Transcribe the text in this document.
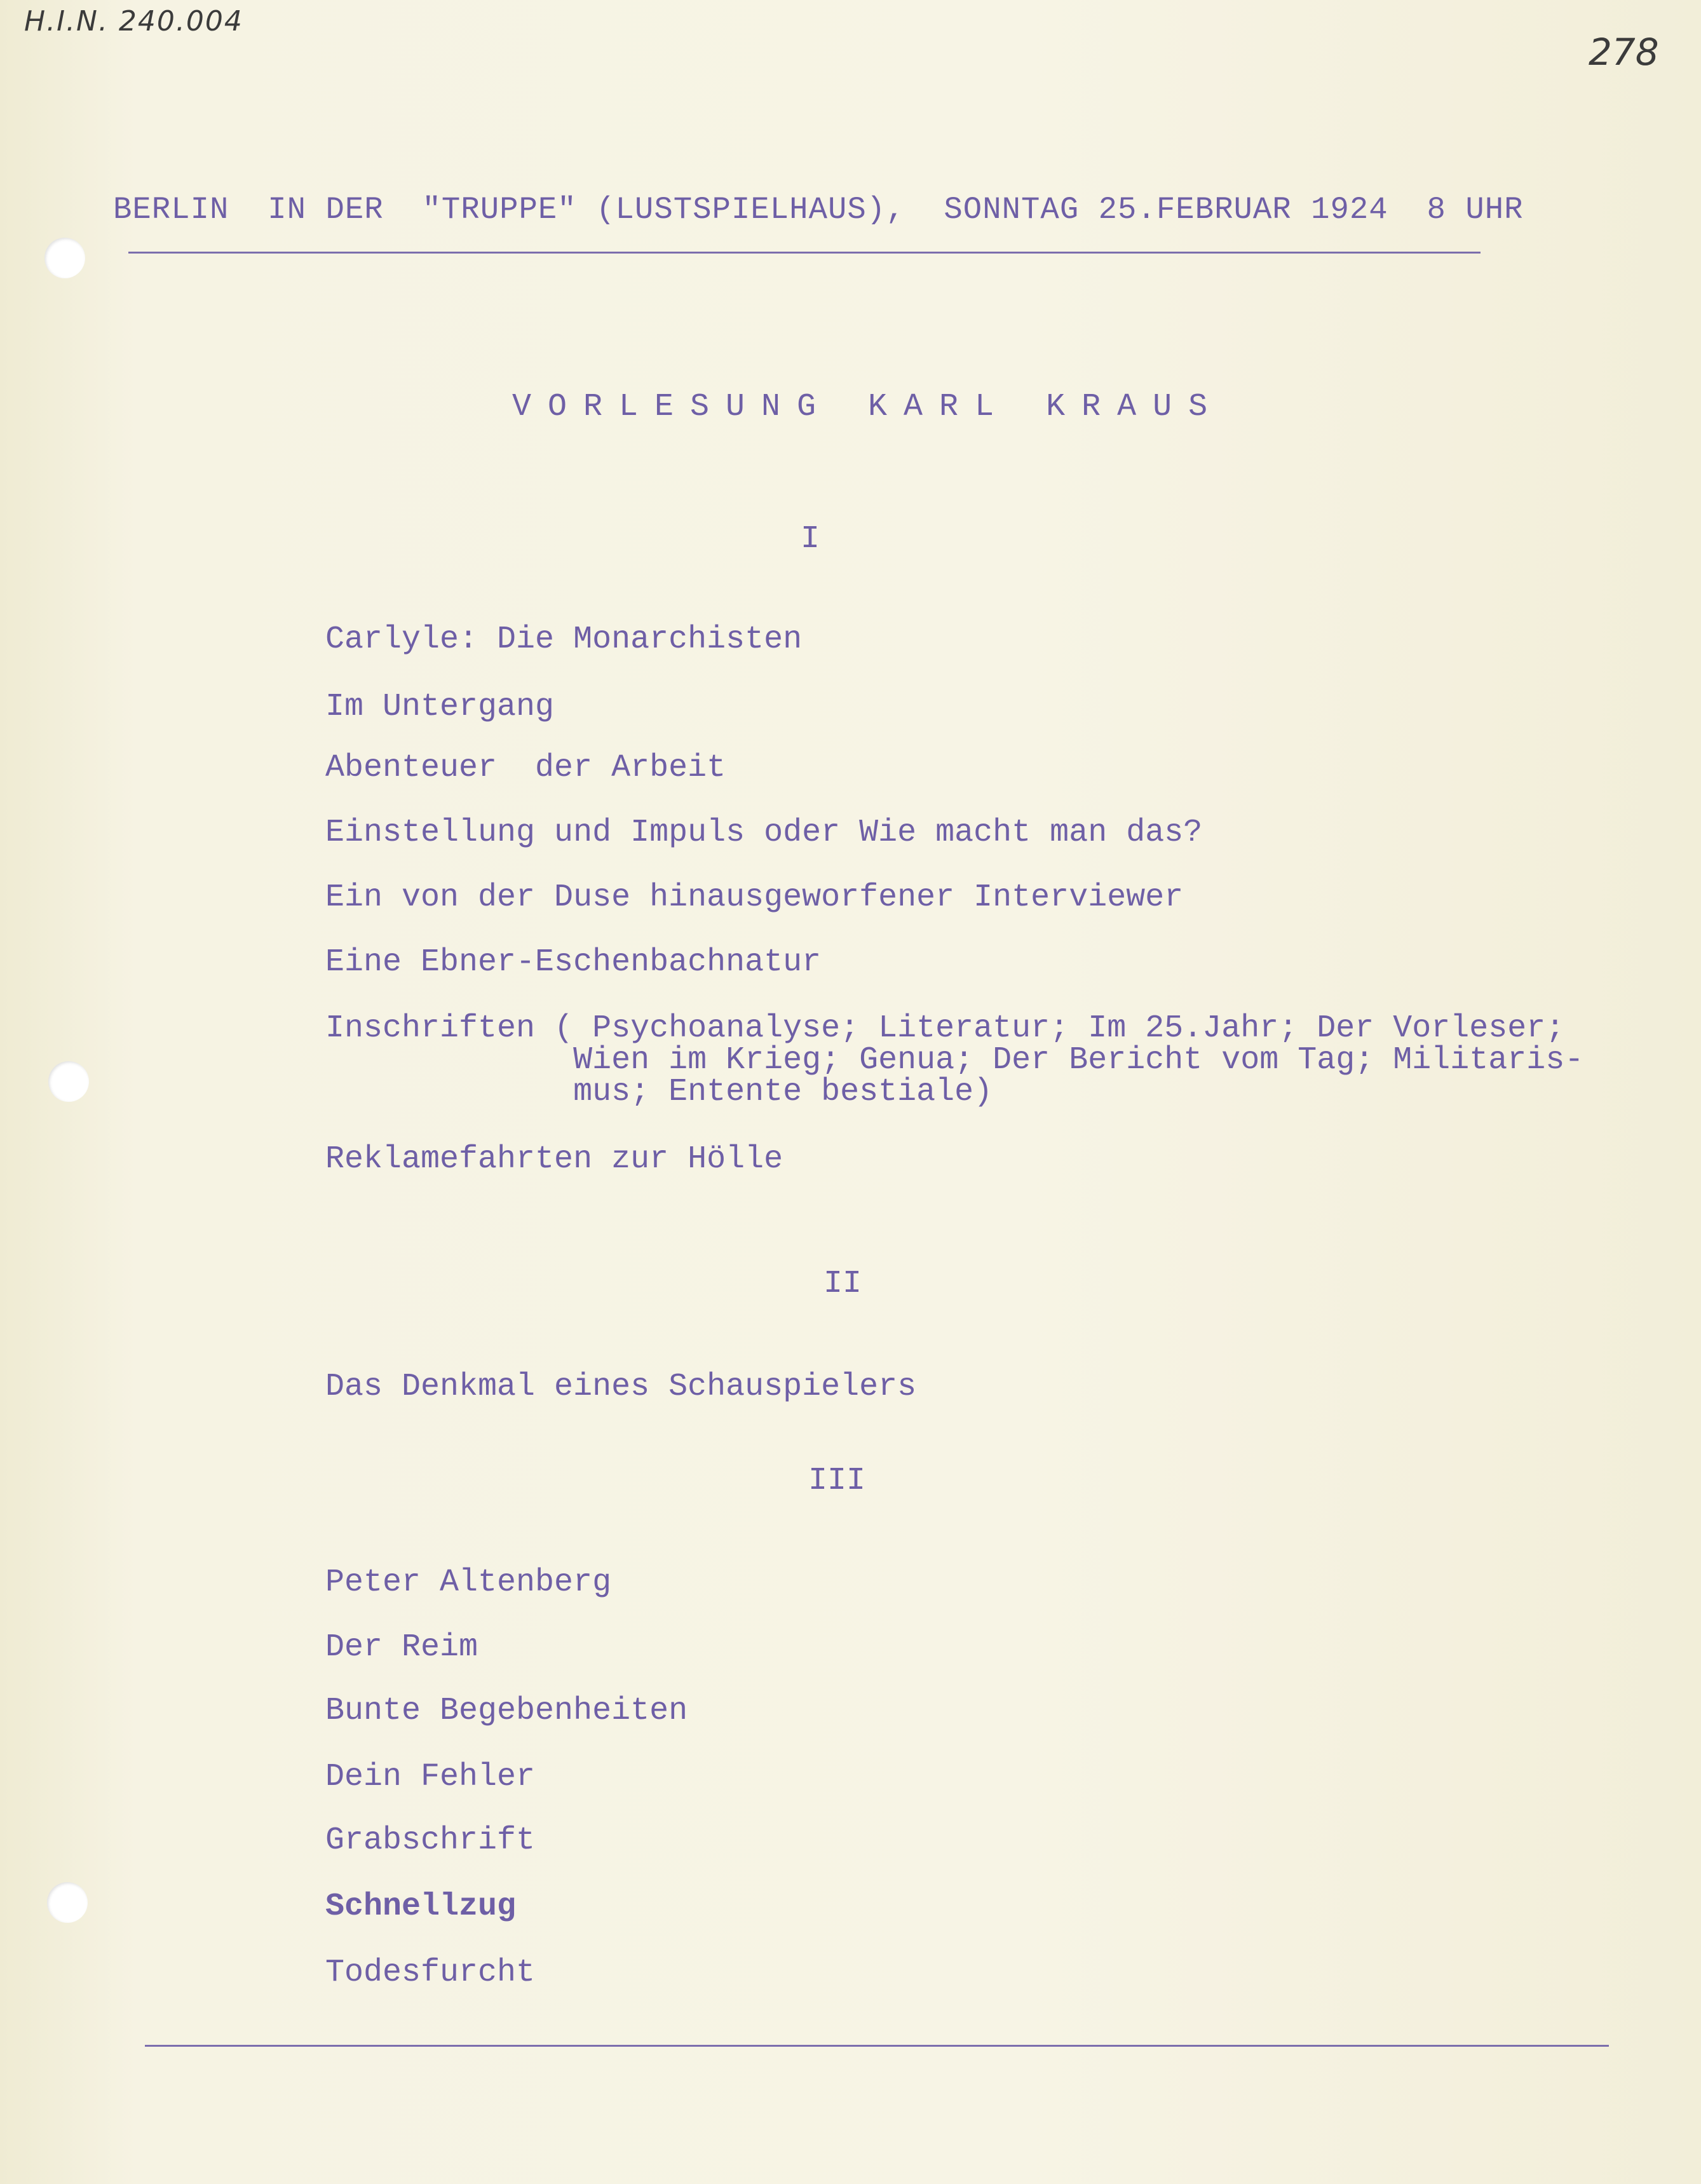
H.I.N. 240.004
278
BERLIN  IN DER  "TRUPPE" (LUSTSPIELHAUS),  SONNTAG 25.FEBRUAR 1924  8 UHR
VORLESUNG KARL KRAUS
I
Carlyle: Die Monarchisten
Im Untergang
Abenteuer  der Arbeit
Einstellung und Impuls oder Wie macht man das?
Ein von der Duse hinausgeworfener Interviewer
Eine Ebner-Eschenbachnatur
Inschriften ( Psychoanalyse; Literatur; Im 25.Jahr; Der Vorleser;
Wien im Krieg; Genua; Der Bericht vom Tag; Militaris-
mus; Entente bestiale)
Reklamefahrten zur Hölle
II
Das Denkmal eines Schauspielers
III
Peter Altenberg
Der Reim
Bunte Begebenheiten
Dein Fehler
Grabschrift
Schnellzug
Todesfurcht
